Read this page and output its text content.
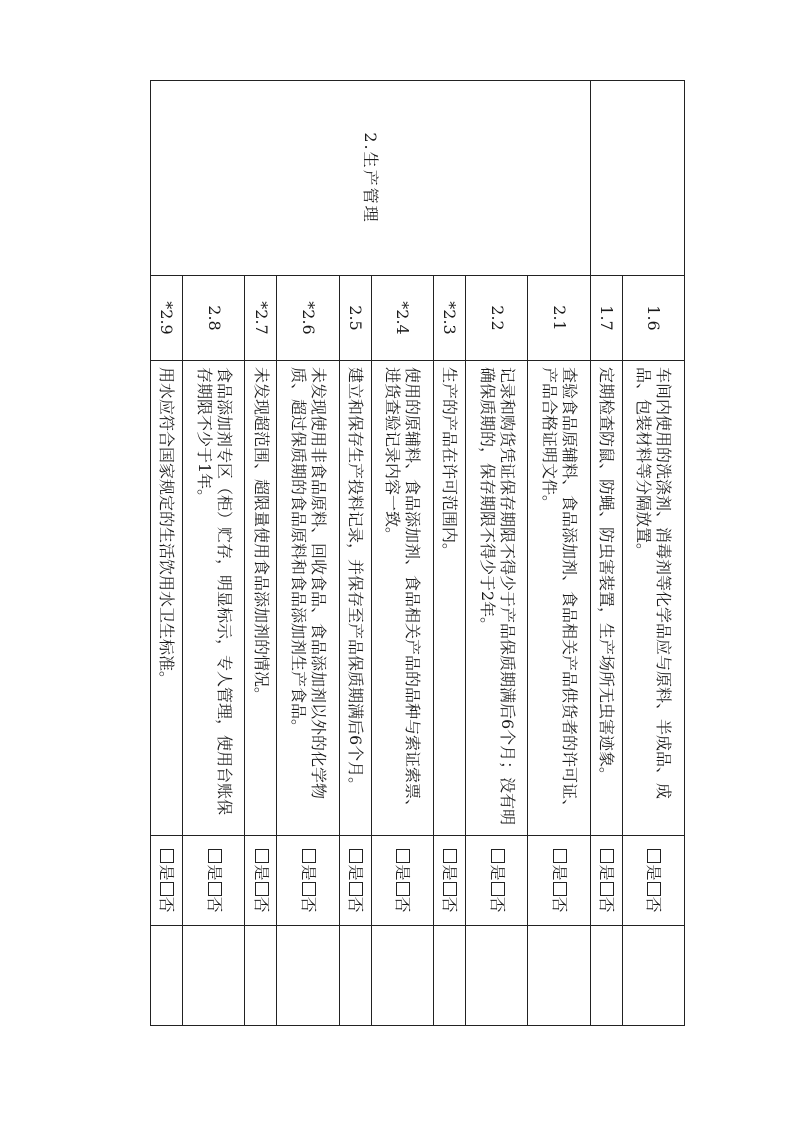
	1.6	车间内使用的洗涤剂、消毒剂等化学品应与原料、半成品、成品、包装材料等分隔放置。	是否	
	1.7	定期检查防鼠、防蝇、防虫害装置，生产场所无虫害迹象。	是否	
2.生产管理	2.1	查验食品原辅料、食品添加剂、食品相关产品供货者的许可证、产品合格证明文件。	是否	
	2.2	记录和购货凭证保存期限不得少于产品保质期满后6个月；没有明确保质期的，保存期限不得少于2年。	是否	
	*2.3	生产的产品在许可范围内。	是否	
	*2.4	使用的原辅料、食品添加剂、食品相关产品的品种与索证索票、进货查验记录内容一致。	是否	
	2.5	建立和保存生产投料记录，并保存至产品保质期满后6个月。	是否	
	*2.6	未发现使用非食品原料、回收食品、食品添加剂以外的化学物质、超过保质期的食品原料和食品添加剂生产食品。	是否	
	*2.7	未发现超范围、超限量使用食品添加剂的情况。	是否	
	2.8	食品添加剂专区（柜）贮存，明显标示，专人管理，使用台账保存期限不少于1年。	是否	
	*2.9	用水应符合国家规定的生活饮用水卫生标准。	是否	
